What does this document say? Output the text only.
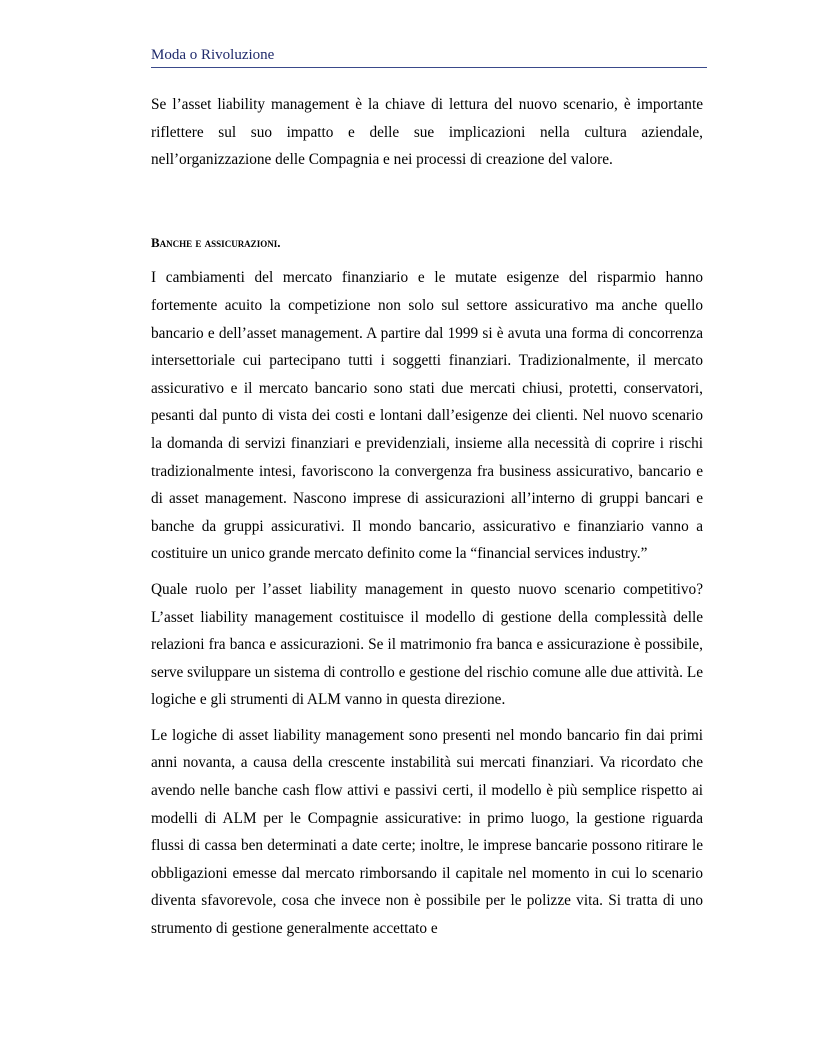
Moda o Rivoluzione

Se l’asset liability management è la chiave di lettura del nuovo scenario, è importante riflettere sul suo impatto e delle sue implicazioni nella cultura aziendale, nell’organizzazione delle Compagnia e nei processi di creazione del valore.

Banche e assicurazioni.

I cambiamenti del mercato finanziario e le mutate esigenze del risparmio hanno fortemente acuito la competizione non solo sul settore assicurativo ma anche quello bancario e dell’asset management. A partire dal 1999 si è avuta una forma di concorrenza intersettoriale cui partecipano tutti i soggetti finanziari. Tradizionalmente, il mercato assicurativo e il mercato bancario sono stati due mercati chiusi, protetti, conservatori, pesanti dal punto di vista dei costi e lontani dall’esigenze dei clienti. Nel nuovo scenario la domanda di servizi finanziari e previdenziali, insieme alla necessità di coprire i rischi tradizionalmente intesi, favoriscono la convergenza fra business assicurativo, bancario e di asset management. Nascono imprese di assicurazioni all’interno di gruppi bancari e banche da gruppi assicurativi. Il mondo bancario, assicurativo e finanziario vanno a costituire un unico grande mercato definito come la “financial services industry.”

Quale ruolo per l’asset liability management in questo nuovo scenario competitivo? L’asset liability management costituisce il modello di gestione della complessità delle relazioni fra banca e assicurazioni. Se il matrimonio fra banca e assicurazione è possibile, serve sviluppare un sistema di controllo e gestione del rischio comune alle due attività. Le logiche e gli strumenti di ALM vanno in questa direzione.

Le logiche di asset liability management sono presenti nel mondo bancario fin dai primi anni novanta, a causa della crescente instabilità sui mercati finanziari. Va ricordato che avendo nelle banche cash flow attivi e passivi certi, il modello è più semplice rispetto ai modelli di ALM per le Compagnie assicurative: in primo luogo, la gestione riguarda flussi di cassa ben determinati a date certe; inoltre, le imprese bancarie possono ritirare le obbligazioni emesse dal mercato rimborsando il capitale nel momento in cui lo scenario diventa sfavorevole, cosa che invece non è possibile per le polizze vita. Si tratta di uno strumento di gestione generalmente accettato e
